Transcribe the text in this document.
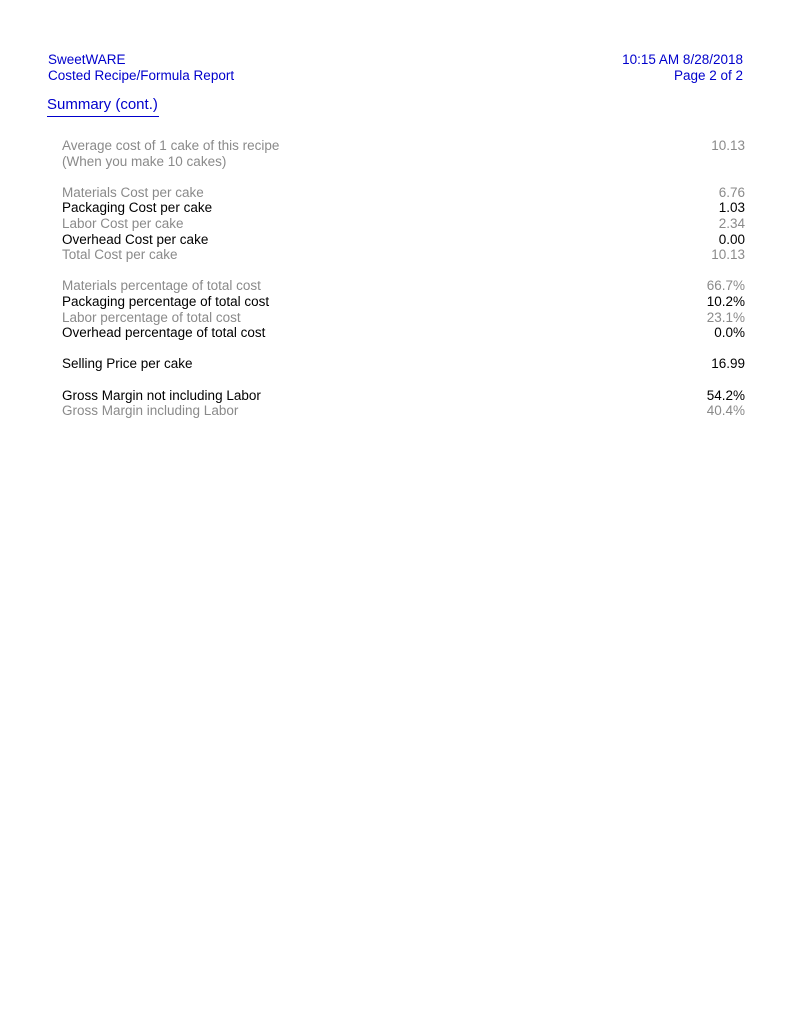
SweetWARE
Costed Recipe/Formula Report
10:15 AM 8/28/2018
Page 2 of 2
Summary (cont.)
Average cost of 1 cake of this recipe	10.13
(When you make 10 cakes)
Materials Cost per cake	6.76
Packaging Cost per cake	1.03
Labor Cost per cake	2.34
Overhead Cost per cake	0.00
Total Cost per cake	10.13
Materials percentage of total cost	66.7%
Packaging percentage of total cost	10.2%
Labor percentage of total cost	23.1%
Overhead percentage of total cost	0.0%
Selling Price per cake	16.99
Gross Margin not including Labor	54.2%
Gross Margin including Labor	40.4%
